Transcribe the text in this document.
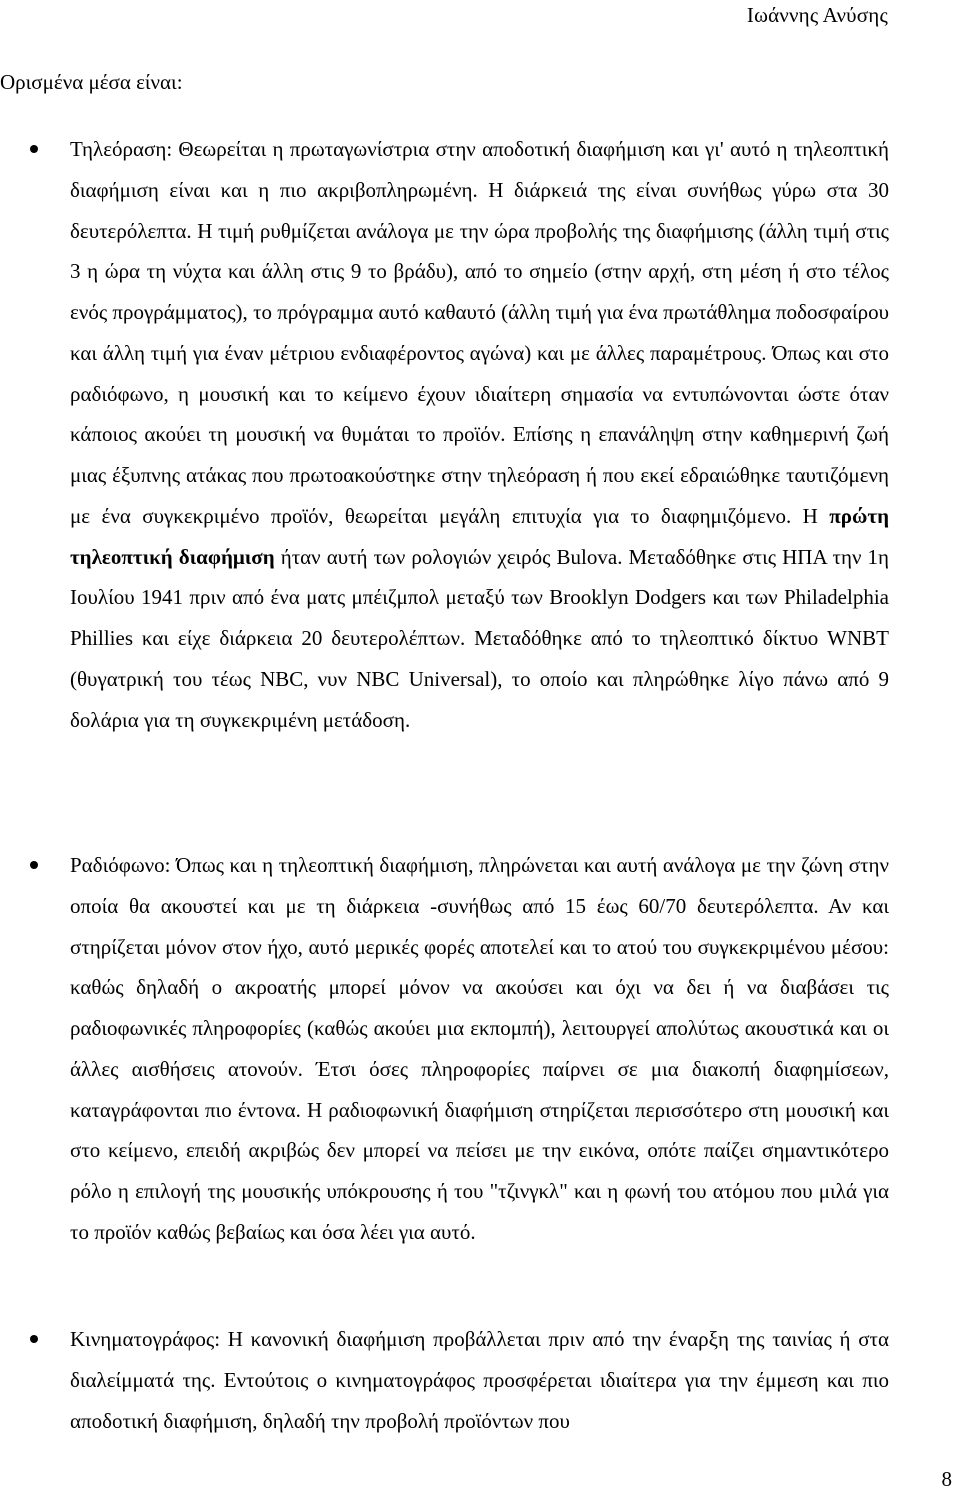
Ιωάννης Ανύσης
Ορισμένα μέσα είναι:

Τηλεόραση: Θεωρείται η πρωταγωνίστρια στην αποδοτική διαφήμιση και γι' αυτό η τηλεοπτική διαφήμιση είναι και η πιο ακριβοπληρωμένη. Η διάρκειά της είναι συνήθως γύρω στα 30 δευτερόλεπτα. Η τιμή ρυθμίζεται ανάλογα με την ώρα προβολής της διαφήμισης (άλλη τιμή στις 3 η ώρα τη νύχτα και άλλη στις 9 το βράδυ), από το σημείο (στην αρχή, στη μέση ή στο τέλος ενός προγράμματος), το πρόγραμμα αυτό καθαυτό (άλλη τιμή για ένα πρωτάθλημα ποδοσφαίρου και άλλη τιμή για έναν μέτριου ενδιαφέροντος αγώνα) και με άλλες παραμέτρους. Όπως και στο ραδιόφωνο, η μουσική και το κείμενο έχουν ιδιαίτερη σημασία να εντυπώνονται ώστε όταν κάποιος ακούει τη μουσική να θυμάται το προϊόν. Επίσης η επανάληψη στην καθημερινή ζωή μιας έξυπνης ατάκας που πρωτοακούστηκε στην τηλεόραση ή που εκεί εδραιώθηκε ταυτιζόμενη με ένα συγκεκριμένο προϊόν, θεωρείται μεγάλη επιτυχία για το διαφημιζόμενο. Η πρώτη τηλεοπτική διαφήμιση ήταν αυτή των ρολογιών χειρός Bulova. Μεταδόθηκε στις ΗΠΑ την 1η Ιουλίου 1941 πριν από ένα ματς μπέιζμπολ μεταξύ των Brooklyn Dodgers και των Philadelphia Phillies και είχε διάρκεια 20 δευτερολέπτων. Μεταδόθηκε από το τηλεοπτικό δίκτυο WNBT (θυγατρική του τέως NBC, νυν NBC Universal), το οποίο και πληρώθηκε λίγο πάνω από 9 δολάρια για τη συγκεκριμένη μετάδοση.

Ραδιόφωνο: Όπως και η τηλεοπτική διαφήμιση, πληρώνεται και αυτή ανάλογα με την ζώνη στην οποία θα ακουστεί και με τη διάρκεια -συνήθως από 15 έως 60/70 δευτερόλεπτα. Αν και στηρίζεται μόνον στον ήχο, αυτό μερικές φορές αποτελεί και το ατού του συγκεκριμένου μέσου: καθώς δηλαδή ο ακροατής μπορεί μόνον να ακούσει και όχι να δει ή να διαβάσει τις ραδιοφωνικές πληροφορίες (καθώς ακούει μια εκπομπή), λειτουργεί απολύτως ακουστικά και οι άλλες αισθήσεις ατονούν. Έτσι όσες πληροφορίες παίρνει σε μια διακοπή διαφημίσεων, καταγράφονται πιο έντονα. Η ραδιοφωνική διαφήμιση στηρίζεται περισσότερο στη μουσική και στο κείμενο, επειδή ακριβώς δεν μπορεί να πείσει με την εικόνα, οπότε παίζει σημαντικότερο ρόλο η επιλογή της μουσικής υπόκρουσης ή του "τζινγκλ" και η φωνή του ατόμου που μιλά για το προϊόν καθώς βεβαίως και όσα λέει για αυτό.

Κινηματογράφος: Η κανονική διαφήμιση προβάλλεται πριν από την έναρξη της ταινίας ή στα διαλείμματά της. Εντούτοις ο κινηματογράφος προσφέρεται ιδιαίτερα για την έμμεση και πιο αποδοτική διαφήμιση, δηλαδή την προβολή προϊόντων που

8
